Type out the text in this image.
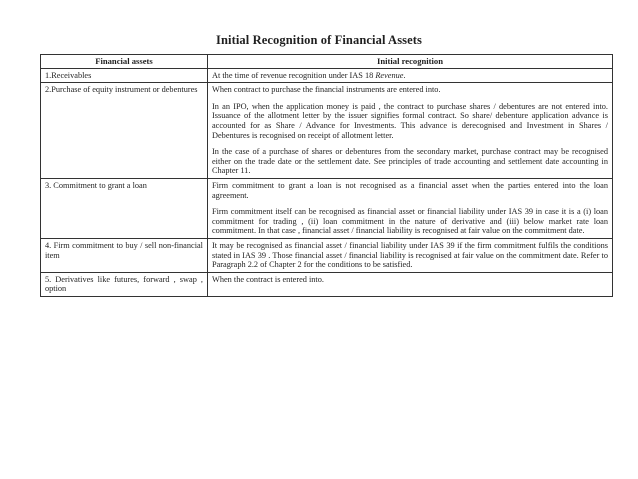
Initial Recognition of Financial Assets
Financial assets	Initial recognition
1.Receivables	At the time of revenue recognition under IAS 18 Revenue.

2.Purchase of equity instrument or debentures	When contract to purchase the financial instruments are entered into.

In an IPO, when the application money is paid , the contract to purchase shares / debentures are not entered into. Issuance of the allotment letter by the issuer signifies formal contract. So share/ debenture application advance is accounted for as Share / Advance for Investments. This advance is derecognised and Investment in Shares / Debentures is recognised on receipt of allotment letter.

In the case of a purchase of shares or debentures from the secondary market, purchase contract may be recognised either on the trade date or the settlement date. See principles of trade accounting and settlement date accounting in Chapter 11.

3. Commitment to grant a loan	Firm commitment to grant a loan is not recognised as a financial asset when the parties entered into the loan agreement.

Firm commitment itself can be recognised as financial asset or financial liability under IAS 39 in case it is a (i) loan commitment for trading , (ii) loan commitment in the nature of derivative and (iii) below market rate loan commitment. In that case , financial asset / financial liability is recognised at fair value on the commitment date.

4. Firm commitment to buy / sell non-financial item	It may be recognised as financial asset / financial liability under IAS 39 if the firm commitment fulfils the conditions stated in IAS 39 . Those financial asset / financial liability is recognised at fair value on the commitment date. Refer to Paragraph 2.2 of Chapter 2 for the conditions to be satisfied.

5. Derivatives like futures, forward , swap , option	When the contract is entered into.
